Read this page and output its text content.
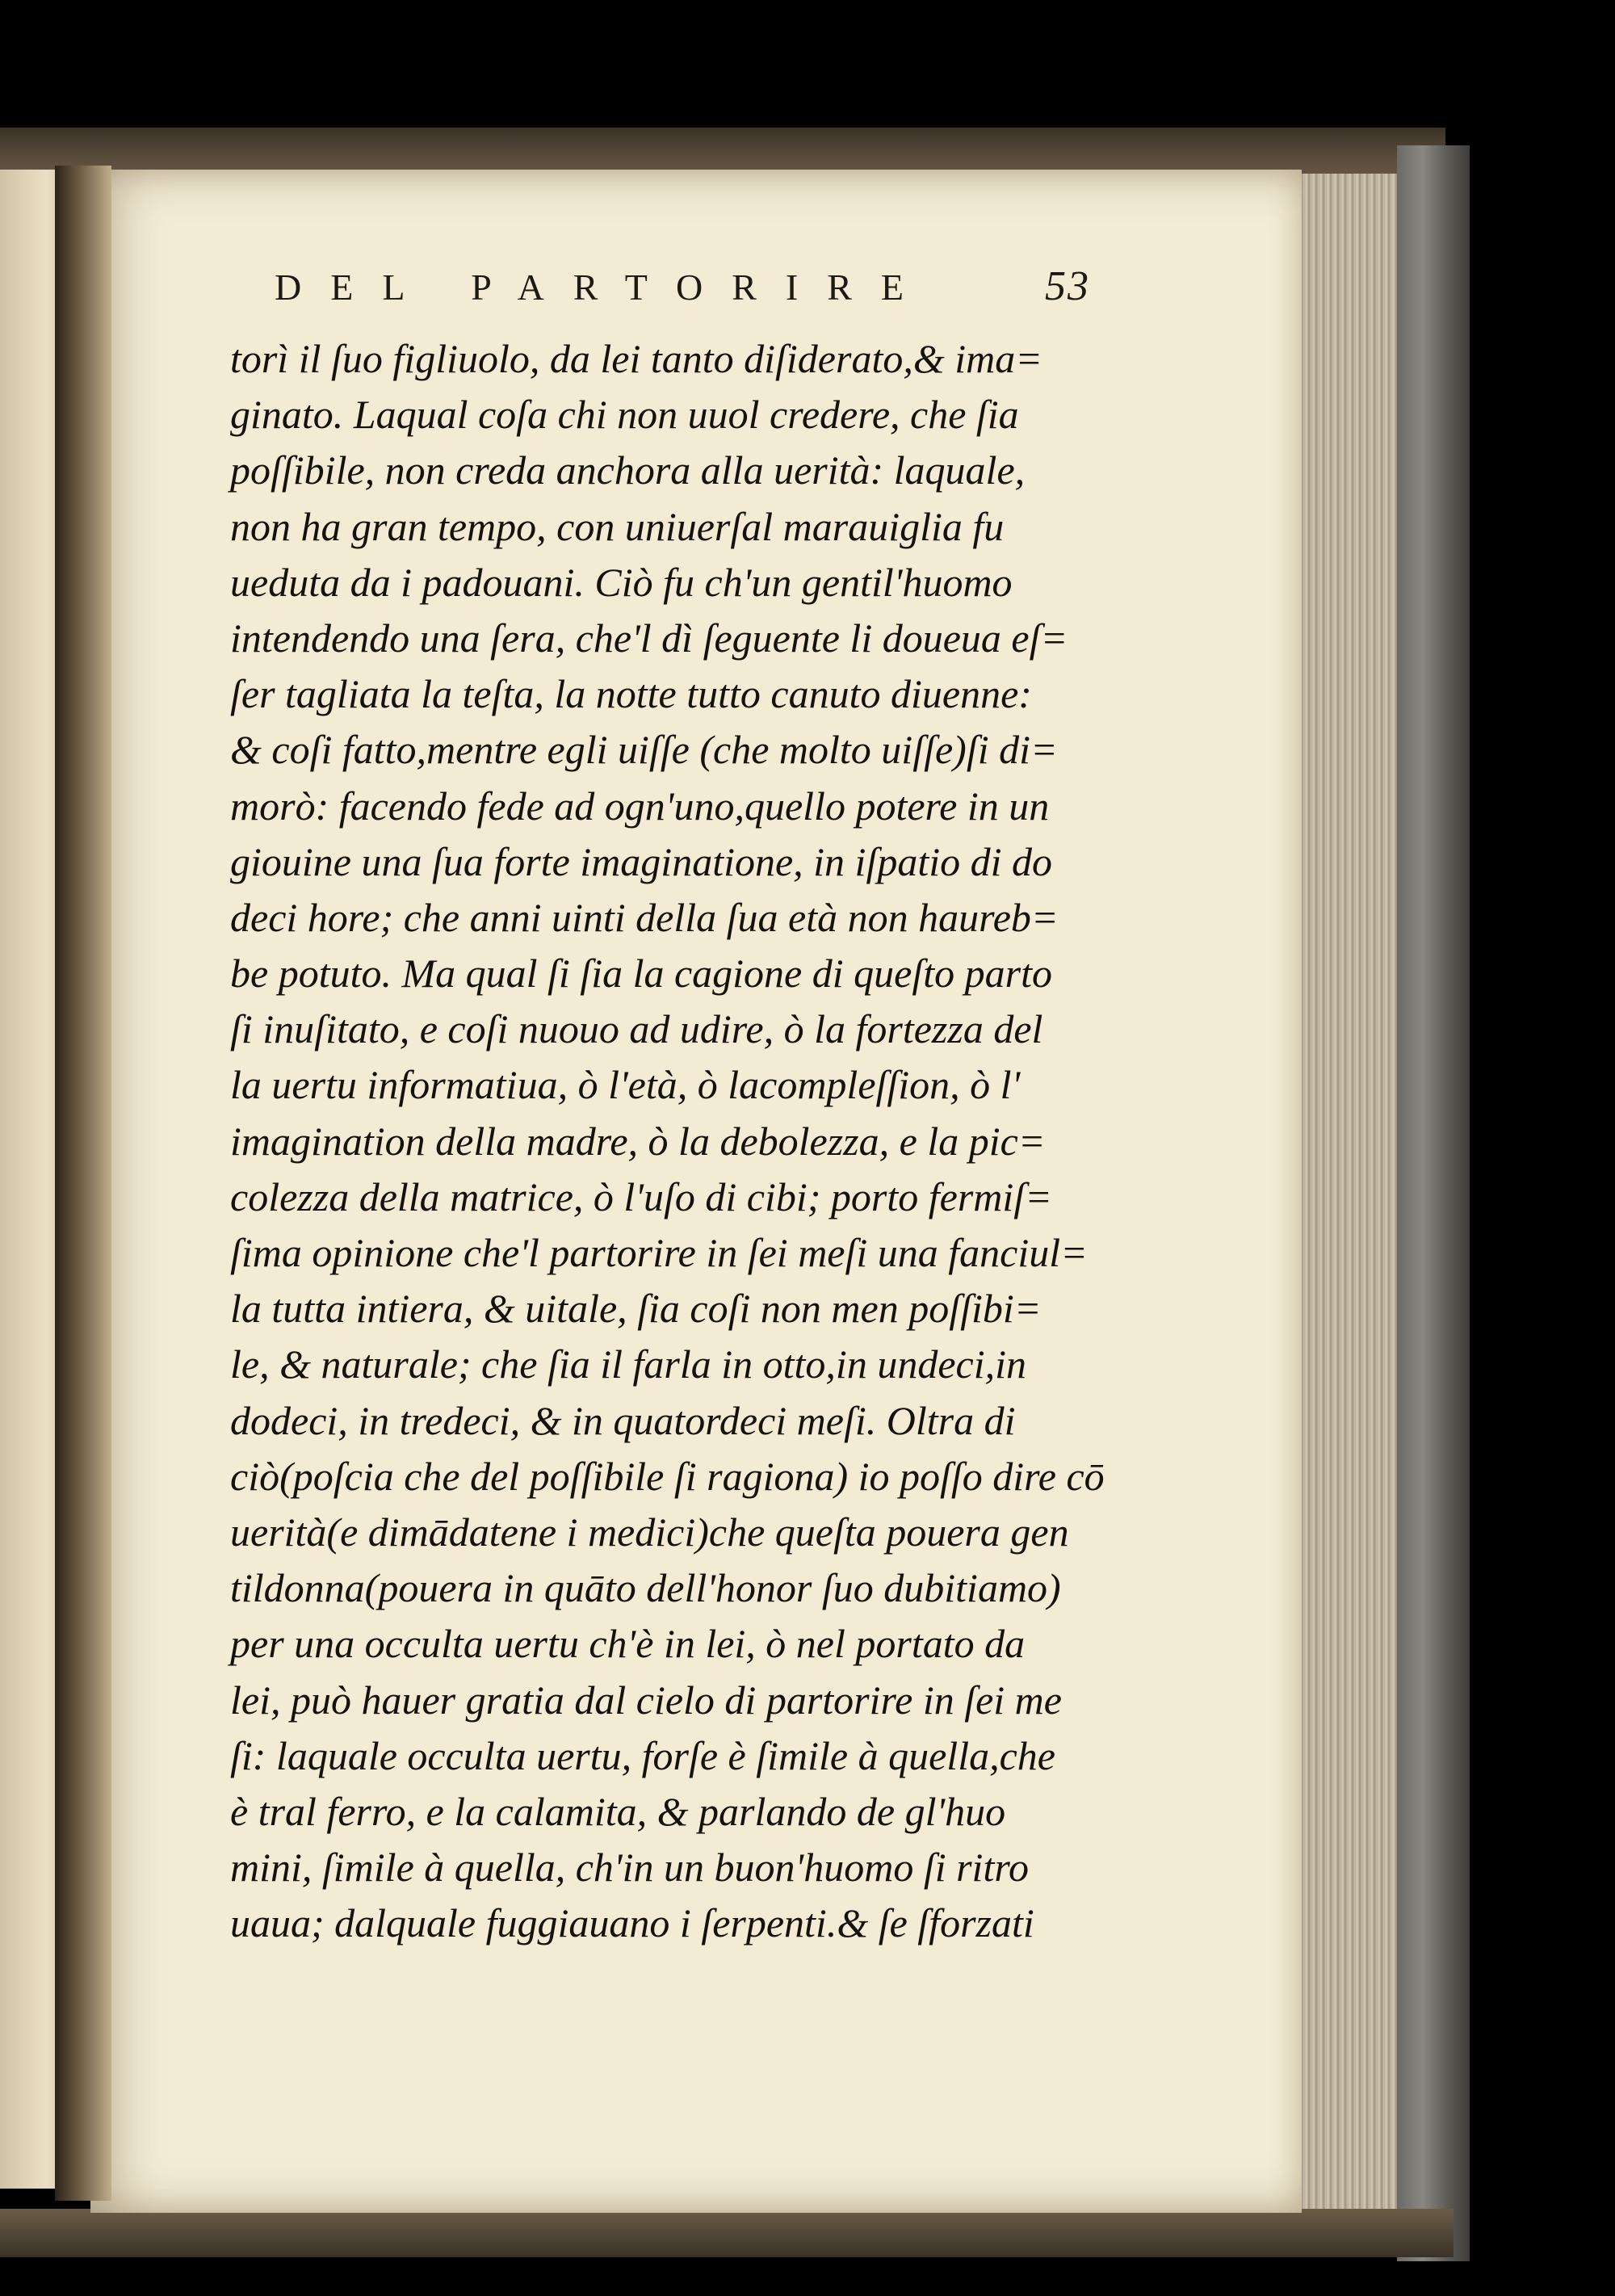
DEL PARTORIRE	53
torì il ſuo figliuolo, da lei tanto diſiderato,& ima=
ginato. Laqual coſa chi non uuol credere, che ſia
poſſibile, non creda anchora alla uerità: laquale,
non ha gran tempo, con uniuerſal marauiglia fu
ueduta da i padouani. Ciò fu ch'un gentil'huomo
intendendo una ſera, che'l dì ſeguente li doueua eſ=
ſer tagliata la teſta, la notte tutto canuto diuenne:
& coſi fatto,mentre egli uiſſe (che molto uiſſe)ſi di=
morò: facendo fede ad ogn'uno,quello potere in un
giouine una ſua forte imaginatione, in iſpatio di do
deci hore; che anni uinti della ſua età non haureb=
be potuto. Ma qual ſi ſia la cagione di queſto parto
ſi inuſitato, e coſi nuouo ad udire, ò la fortezza del
la uertu informatiua, ò l'età, ò lacompleſſion, ò l'
imagination della madre, ò la debolezza, e la pic=
colezza della matrice, ò l'uſo di cibi; porto fermiſ=
ſima opinione che'l partorire in ſei meſi una fanciul=
la tutta intiera, & uitale, ſia coſi non men poſſibi=
le, & naturale; che ſia il farla in otto,in undeci,in
dodeci, in tredeci, & in quatordeci meſi. Oltra di
ciò(poſcia che del poſſibile ſi ragiona) io poſſo dire cō
uerità(e dimādatene i medici)che queſta pouera gen
tildonna(pouera in quāto dell'honor ſuo dubitiamo)
per una occulta uertu ch'è in lei, ò nel portato da
lei, può hauer gratia dal cielo di partorire in ſei me
ſi: laquale occulta uertu, forſe è ſimile à quella,che
è tral ferro, e la calamita, & parlando de gl'huo
mini, ſimile à quella, ch'in un buon'huomo ſi ritro
uaua; dalquale fuggiauano i ſerpenti.& ſe ſforzati
